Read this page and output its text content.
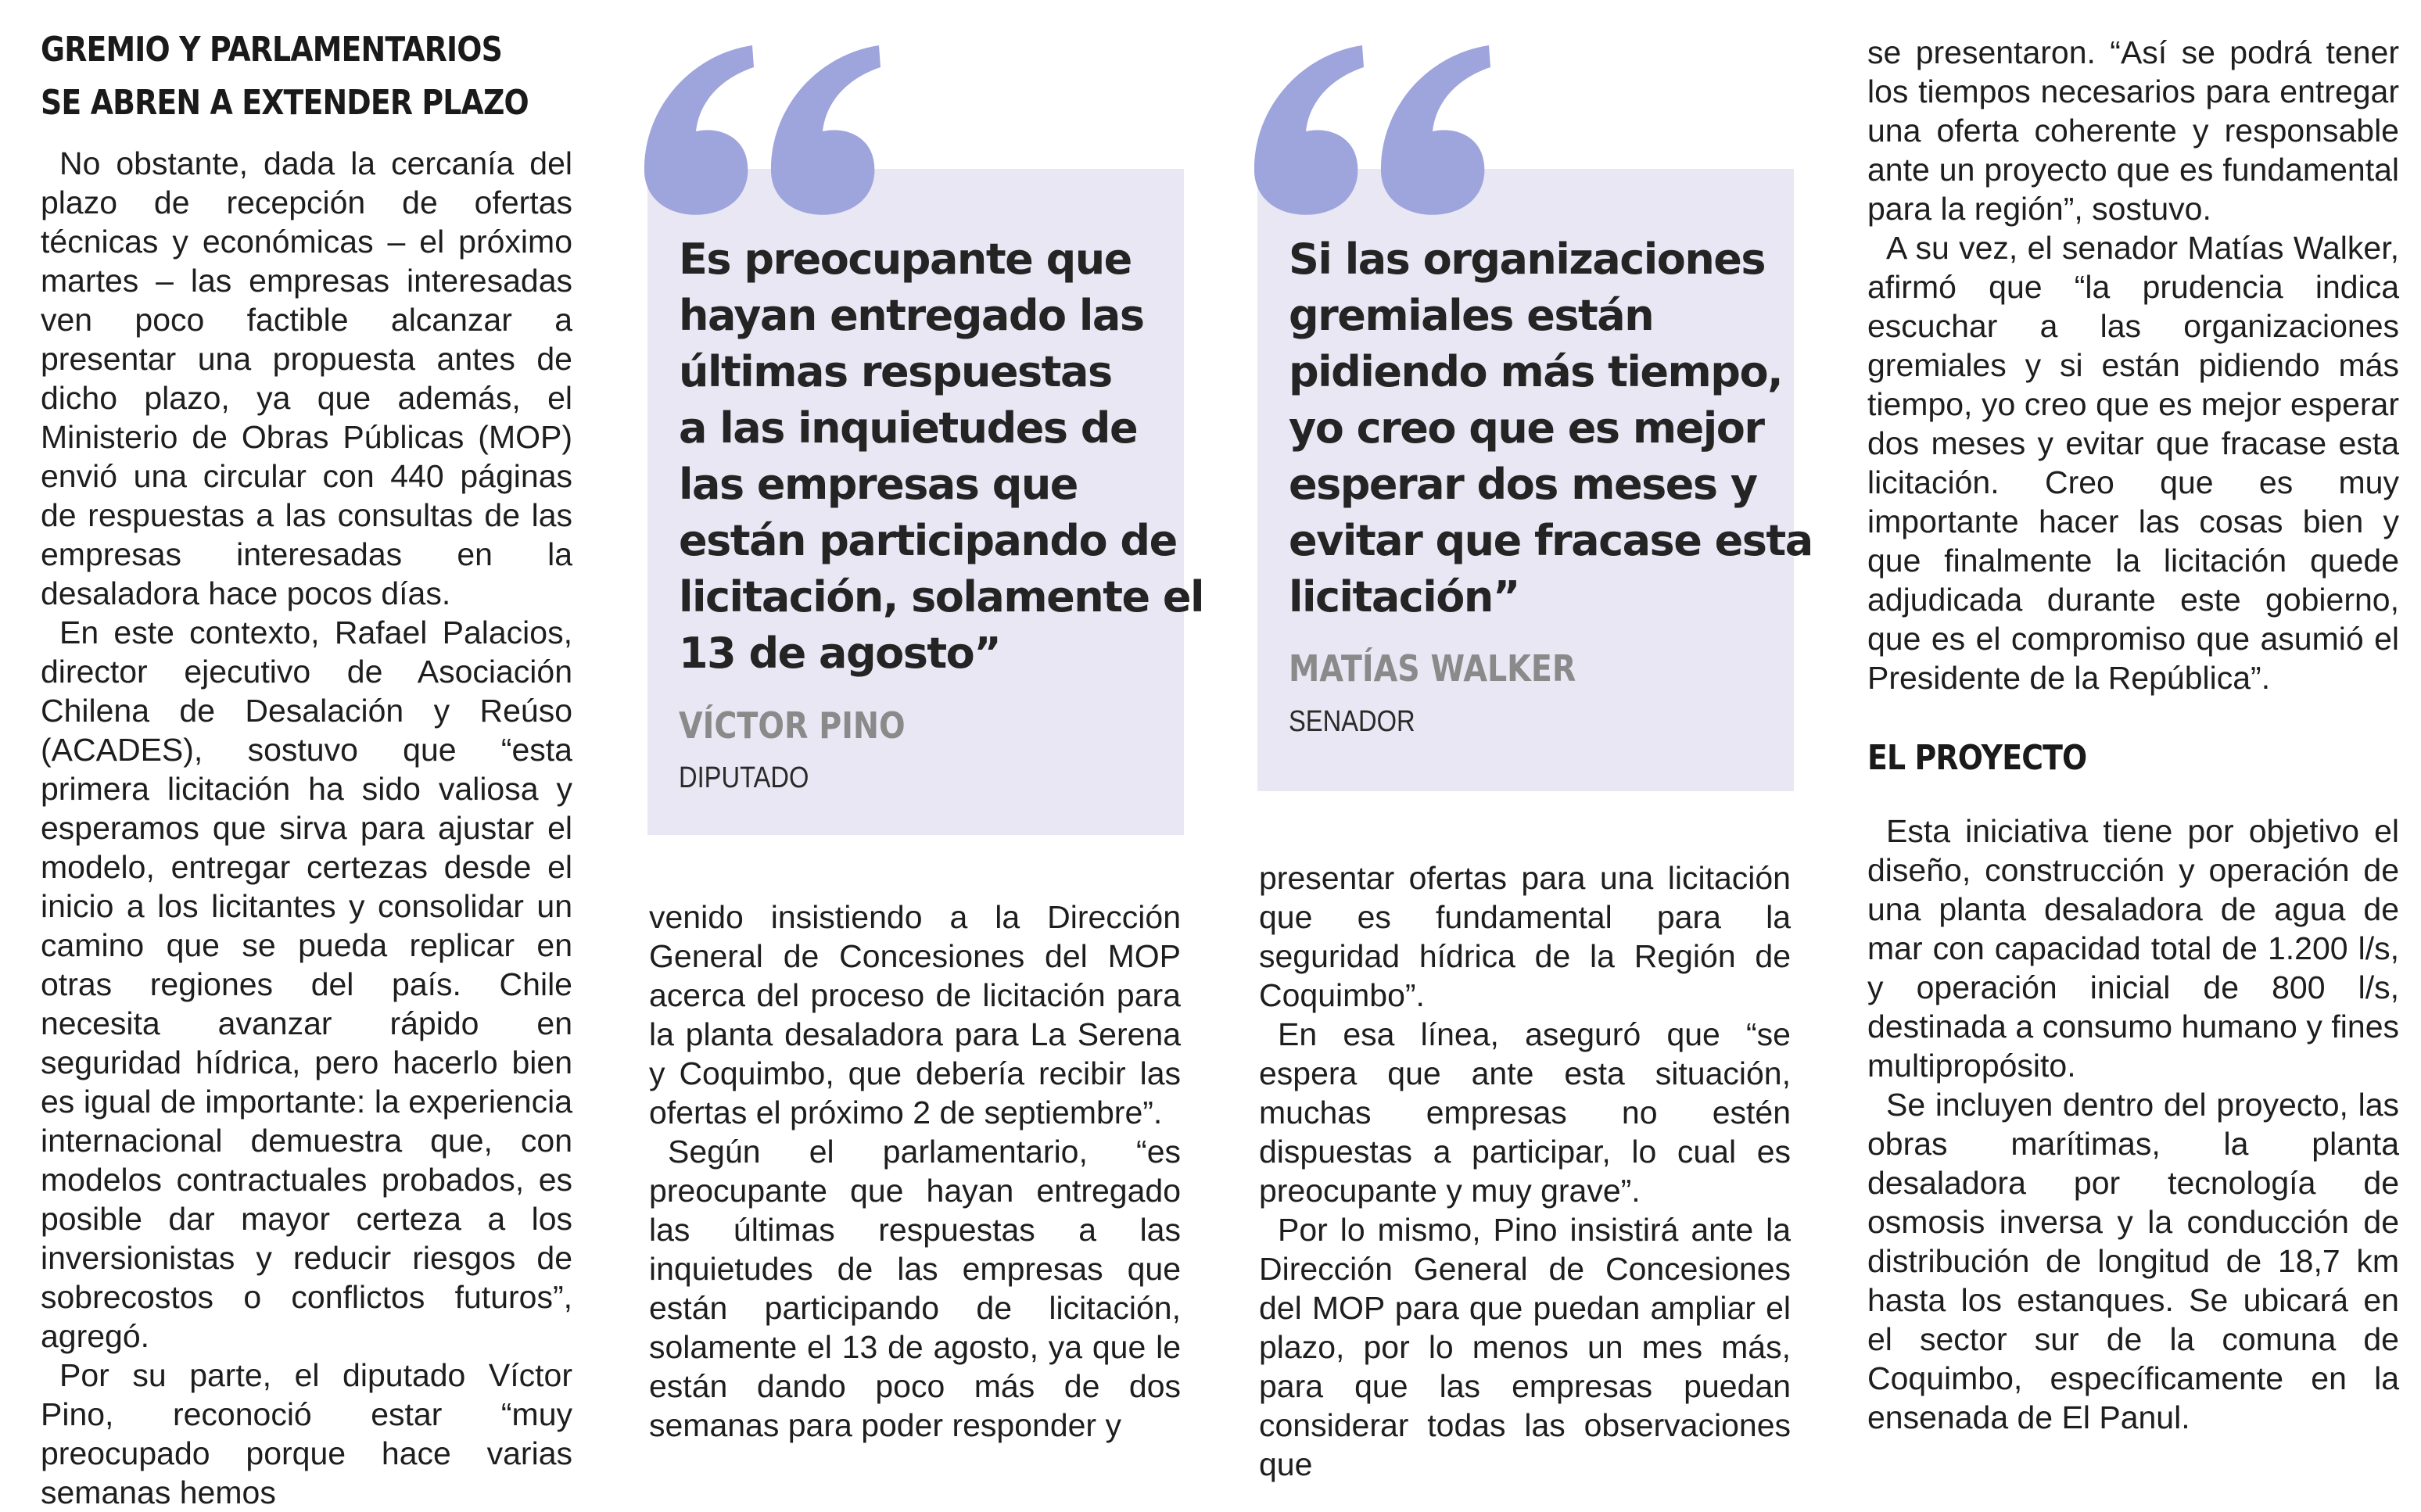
GREMIO Y PARLAMENTARIOS
SE ABREN A EXTENDER PLAZO

No obstante, dada la cercanía del plazo de recepción de ofertas técnicas y económicas – el próximo martes – las empresas interesadas ven poco factible alcanzar a presentar una propuesta antes de dicho plazo, ya que además, el Ministerio de Obras Públicas (MOP) envió una circular con 440 páginas de respuestas a las consultas de las empresas interesadas en la desaladora hace pocos días.

En este contexto, Rafael Palacios, director ejecutivo de Asociación Chilena de Desalación y Reúso (ACADES), sostuvo que “esta primera licitación ha sido valiosa y esperamos que sirva para ajustar el modelo, entregar certezas desde el inicio a los licitantes y consolidar un camino que se pueda replicar en otras regiones del país. Chile necesita avanzar rápido en seguridad hídrica, pero hacerlo bien es igual de importante: la experiencia internacional demuestra que, con modelos contractuales probados, es posible dar mayor certeza a los inversionistas y reducir riesgos de sobrecostos o conflictos futuros”, agregó.

Por su parte, el diputado Víctor Pino, reconoció estar “muy preocupado porque hace varias semanas hemos

Es preocupante que
hayan entregado las
últimas respuestas
a las inquietudes de
las empresas que
están participando de
licitación, solamente el
13 de agosto”
VÍCTOR PINO
DIPUTADO
Si las organizaciones
gremiales están
pidiendo más tiempo,
yo creo que es mejor
esperar dos meses y
evitar que fracase esta
licitación”
MATÍAS WALKER
SENADOR

venido insistiendo a la Dirección General de Concesiones del MOP acerca del proceso de licitación para la planta desaladora para La Serena y Coquimbo, que debería recibir las ofertas el próximo 2 de septiembre”.

Según el parlamentario, “es preocupante que hayan entregado las últimas respuestas a las inquietudes de las empresas que están participando de licitación, solamente el 13 de agosto, ya que le están dando poco más de dos semanas para poder responder y

presentar ofertas para una licitación que es fundamental para la seguridad hídrica de la Región de Coquimbo”.

En esa línea, aseguró que “se espera que ante esta situación, muchas empresas no estén dispuestas a participar, lo cual es preocupante y muy grave”.

Por lo mismo, Pino insistirá ante la Dirección General de Concesiones del MOP para que puedan ampliar el plazo, por lo menos un mes más, para que las empresas puedan considerar todas las observaciones que

se presentaron. “Así se podrá tener los tiempos necesarios para entregar una oferta coherente y responsable ante un proyecto que es fundamental para la región”, sostuvo.

A su vez, el senador Matías Walker, afirmó que “la prudencia indica escuchar a las organizaciones gremiales y si están pidiendo más tiempo, yo creo que es mejor esperar dos meses y evitar que fracase esta licitación. Creo que es muy importante hacer las cosas bien y que finalmente la licitación quede adjudicada durante este gobierno, que es el compromiso que asumió el Presidente de la República”.

EL PROYECTO

Esta iniciativa tiene por objetivo el diseño, construcción y operación de una planta desaladora de agua de mar con capacidad total de 1.200 l/s, y operación inicial de 800 l/s, destinada a consumo humano y fines multipropósito.

Se incluyen dentro del proyecto, las obras marítimas, la planta desaladora por tecnología de osmosis inversa y la conducción de distribución de longitud de 18,7 km hasta los estanques. Se ubicará en el sector sur de la comuna de Coquimbo, específicamente en la ensenada de El Panul.
